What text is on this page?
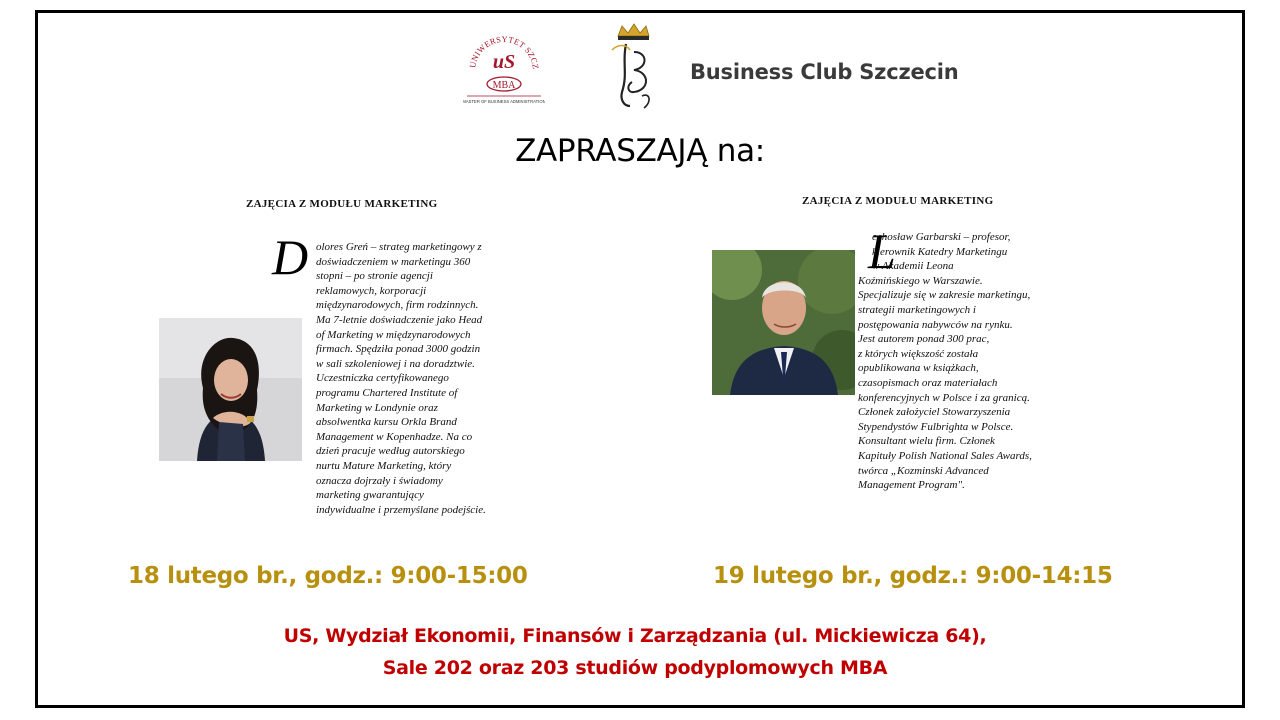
UNIWERSYTET SZCZ
uS
MBA
MASTER OF BUSINESS ADMINISTRATION
Business Club Szczecin
ZAPRASZAJĄ na:
ZAJĘCIA Z MODUŁU MARKETING
D olores Greń – strateg marketingowy z
doświadczeniem w marketingu 360
stopni – po stronie agencji
reklamowych, korporacji
międzynarodowych, firm rodzinnych.
Ma 7-letnie doświadczenie jako Head
of Marketing w międzynarodowych
firmach. Spędziła ponad 3000 godzin
w sali szkoleniowej i na doradztwie.
Uczestniczka certyfikowanego
programu Chartered Institute of
Marketing w Londynie oraz
absolwentka kursu Orkla Brand
Management w Kopenhadze. Na co
dzień pracuje według autorskiego
nurtu Mature Marketing, który
oznacza dojrzały i świadomy
marketing gwarantujący
indywidualne i przemyślane podejście.
ZAJĘCIA Z MODUŁU MARKETING
L
echosław Garbarski – profesor,
kierownik Katedry Marketingu
w Akademii Leona
Koźmińskiego w Warszawie.
Specjalizuje się w zakresie marketingu,
strategii marketingowych i
postępowania nabywców na rynku.
Jest autorem ponad 300 prac,
z których większość została
opublikowana w książkach,
czasopismach oraz materiałach
konferencyjnych w Polsce i za granicą.
Członek założyciel Stowarzyszenia
Stypendystów Fulbrighta w Polsce.
Konsultant wielu firm. Członek
Kapituły Polish National Sales Awards,
twórca „Kozminski Advanced
Management Program".
18 lutego br., godz.: 9:00-15:00	19 lutego br., godz.: 9:00-14:15
US, Wydział Ekonomii, Finansów i Zarządzania (ul. Mickiewicza 64),
Sale 202 oraz 203 studiów podyplomowych MBA
